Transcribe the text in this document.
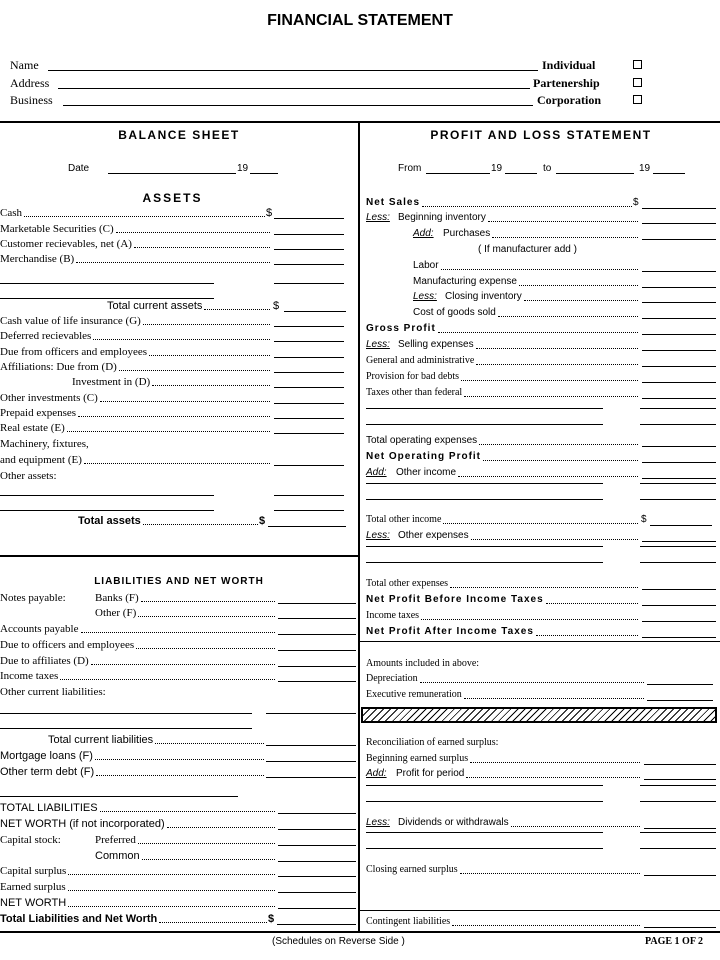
FINANCIAL STATEMENT
Name	Individual
Address	Partenership
Business	Corporation
BALANCE SHEET
Date	19
ASSETS
Cash	$
Marketable Securities (C)
Customer recievables, net (A)
Merchandise (B)
Total current assets	$
Cash value of life insurance (G)
Deferred recievables
Due from officers and employees
Affiliations: Due from (D)
Investment in (D)
Other investments (C)
Prepaid expenses
Real estate (E)
Machinery, fixtures,
and equipment (E)
Other assets:
Total assets	$
Notes payable:	Banks (F)
Other (F)
Accounts payable
Due to officers and employees
Due to affiliates (D)
Income taxes
Other current liabilities:
Total current liabilities
Mortgage loans (F)
Other term debt (F)
TOTAL LIABILITIES
NET WORTH (if not incorporated)
Capital stock:	Preferred
Common
Capital surplus
Earned surplus
NET WORTH
Total Liabilities and Net Worth	$
LIABILITIES AND NET WORTH
PROFIT AND LOSS STATEMENT
From	19	to	19
Net Sales	$
Less: Beginning inventory
Add: Purchases
( If manufacturer add )
Labor
Manufacturing expense
Less: Closing inventory
Cost of goods sold
Gross Profit
Less: Selling expenses
General and administrative
Provision for bad debts
Taxes other than federal
Total operating expenses
Net Operating Profit
Add: Other income
Total other income	$
Less: Other expenses
Total other expenses
Net Profit Before Income Taxes
Income taxes
Net Profit After Income Taxes
Amounts included in above:
Depreciation
Executive remuneration
Reconciliation of earned surplus:
Beginning earned surplus
Add: Profit for period
Less: Dividends or withdrawals
Closing earned surplus
Contingent liabilities
(Schedules on Reverse Side )	PAGE 1 OF 2
